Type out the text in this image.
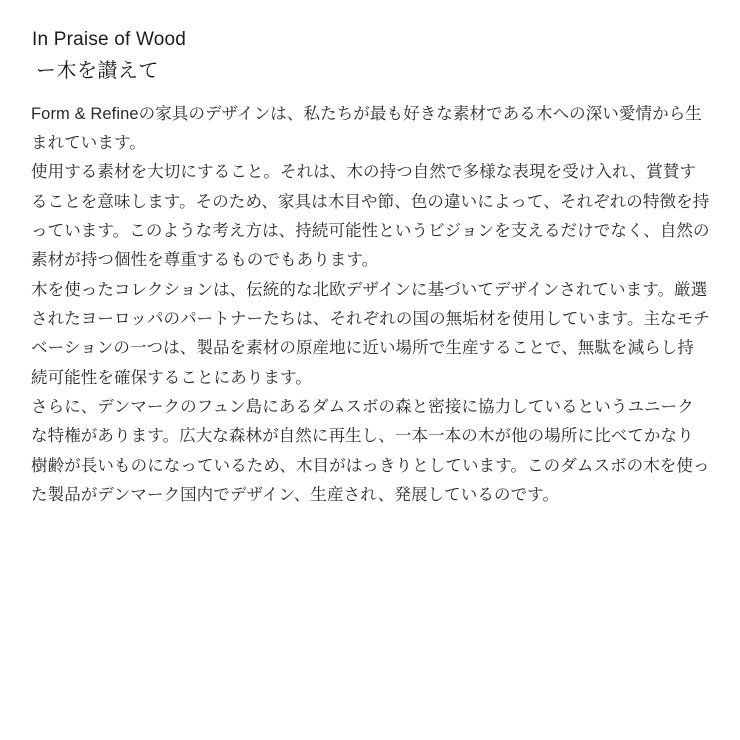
In Praise of Wood
ー木を讃えて

Form & Refineの家具のデザインは、私たちが最も好きな素材である木への深い愛情から生まれています。

使用する素材を大切にすること。それは、木の持つ自然で多様な表現を受け入れ、賞賛することを意味します。そのため、家具は木目や節、色の違いによって、それぞれの特徴を持っています。このような考え方は、持続可能性というビジョンを支えるだけでなく、自然の素材が持つ個性を尊重するものでもあります。

木を使ったコレクションは、伝統的な北欧デザインに基づいてデザインされています。厳選されたヨーロッパのパートナーたちは、それぞれの国の無垢材を使用しています。主なモチベーションの一つは、製品を素材の原産地に近い場所で生産することで、無駄を減らし持続可能性を確保することにあります。

さらに、デンマークのフュン島にあるダムスボの森と密接に協力しているというユニークな特権があります。広大な森林が自然に再生し、一本一本の木が他の場所に比べてかなり樹齢が長いものになっているため、木目がはっきりとしています。このダムスボの木を使った製品がデンマーク国内でデザイン、生産され、発展しているのです。
